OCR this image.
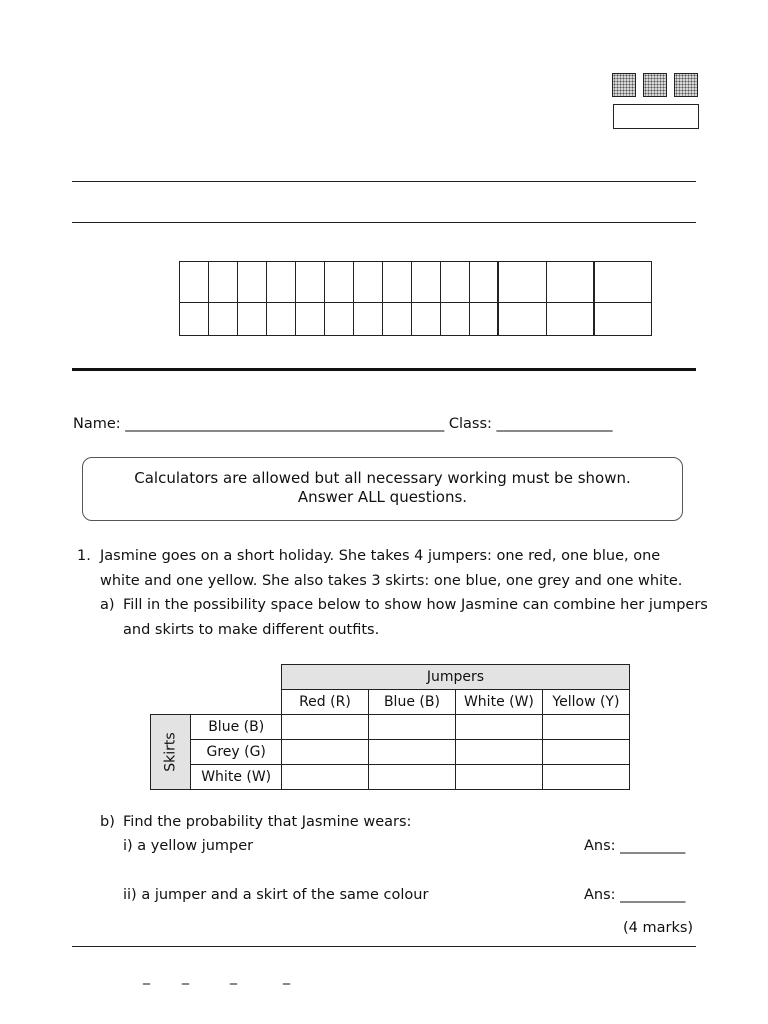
Name: ____________________________________________ Class: ________________
Calculators are allowed but all necessary working must be shown.
Answer ALL questions.
1. Jasmine goes on a short holiday. She takes 4 jumpers: one red, one blue, one
white and one yellow. She also takes 3 skirts: one blue, one grey and one white.
a) Fill in the possibility space below to show how Jasmine can combine her jumpers
and skirts to make different outfits.
		Jumpers			
		Red (R)	Blue (B)	White (W)	Yellow (Y)
Skirts	Blue (B)				
	Grey (G)				
	White (W)				
b) Find the probability that Jasmine wears:
i) a yellow jumper	Ans: _________
ii) a jumper and a skirt of the same colour	Ans: _________
(4 marks)
_ _	_	_
